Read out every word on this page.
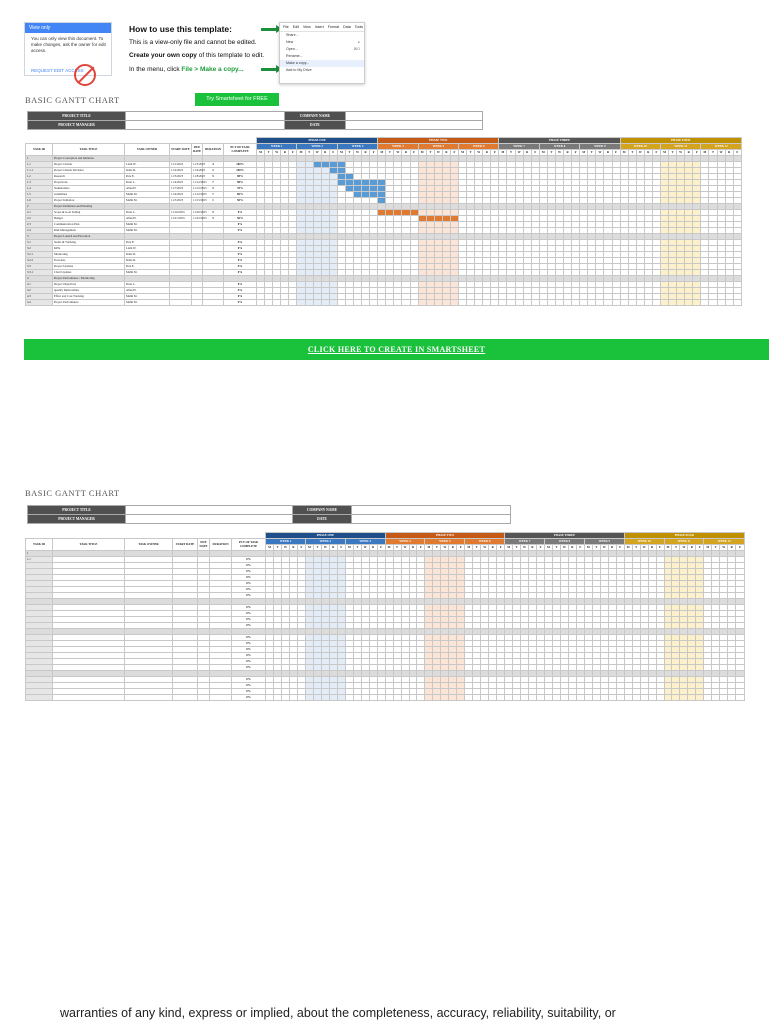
View only
You can only view this document. To make changes, ask the owner for edit access.
REQUEST EDIT ACCESS
How to use this template:
This is a view-only file and cannot be edited.
Create your own copy of this template to edit.
In the menu, click File > Make a copy...
File Edit View Insert Format Data Tools
Share...
New	▸
Open...	⌘O
Rename...
Make a copy...
Add to My Drive
BASIC GANTT CHART	Try Smartsheet for FREE
PROJECT TITLE		COMPANY NAME	
PROJECT MANAGER		DATE	
	PHASE ONE	PHASE TWO	PHASE THREE	PHASE FOUR
TASK ID	TASK TITLE	TASK OWNER	START DATE	DUE DATE	DURATION	PCT OF TASK COMPLETE	WEEK 1	WEEK 2	WEEK 3	WEEK 4	WEEK 5	WEEK 6	WEEK 7	WEEK 8	WEEK 9	WEEK 10	WEEK 11	WEEK 12
M	T	W	R	F	M	T	W	R	F	M	T	W	R	F	M	T	W	R	F	M	T	W	R	F	M	T	W	R	F	M	T	W	R	F	M	T	W	R	F	M	T	W	R	F	M	T	W	R	F	M	T	W	R	F	M	T	W	R	F
1	Project Conception and Initiation																																																																	
1.1	Project Charter	Liam W.	11/1/2023	11/5/2023	4	100%																																																												
1.1.1	Project Charter Revision	Kalie R.	11/2/2023	11/4/2023	2	100%																																																												
1.2	Research	Pete E.	11/3/2023	11/8/2023	5	98%																																																												
1.3	Projections	Peter L.	11/4/2023	11/12/2023	7	98%																																																												
1.4	Stakeholders	Allen H.	11/7/2023	11/12/2023	5	70%																																																												
1.5	Guidelines	Mahli M.	11/4/2023	11/12/2023	7	60%																																																												
1.6	Project Initiation	Mahli M.	11/5/2023	11/15/2023	1	50%																																																												
2	Project Definition and Planning																																																																	
2.1	Scope & Goal Setting	Peter L.	11/16/2023	11/20/2023	5	0%																																																												
2.2	Budget	Allen H.	11/21/2023	11/25/2023	5	50%																																																												
2.3	Communication Plan	Mahli M.				0%																																																												
2.4	Risk Management	Mahli M.				0%																																																												
3	Project Launch and Execution																																																																	
3.1	Status & Tracking	Pete E.				0%																																																												
3.2	KPIs	Liam W.				0%																																																												
3.2.1	Monitoring	Kalie R.				0%																																																												
3.2.2	Forecasts	Kalie R.				0%																																																												
3.3	Project Updates	Pete E.				0%																																																												
3.3.1	Chart Updates	Mahli M.				0%																																																												
4	Project Performance / Monitoring																																																																	
4.1	Project Objectives	Peter L.				0%																																																												
4.2	Quality Deliverables	Allen H.				0%																																																												
4.3	Effort and Cost Tracking	Mahli M.				0%																																																												
4.4	Project Performance	Mahli M.				0%																																																												
CLICK HERE TO CREATE IN SMARTSHEET
BASIC GANTT CHART
PROJECT TITLE		COMPANY NAME	
PROJECT MANAGER		DATE	
	PHASE ONE	PHASE TWO	PHASE THREE	PHASE FOUR
TASK ID	TASK TITLE	TASK OWNER	START DATE	DUE DATE	DURATION	PCT OF TASK COMPLETE	WEEK 1	WEEK 2	WEEK 3	WEEK 4	WEEK 5	WEEK 6	WEEK 7	WEEK 8	WEEK 9	WEEK 10	WEEK 11	WEEK 12
M	T	W	R	F	M	T	W	R	F	M	T	W	R	F	M	T	W	R	F	M	T	W	R	F	M	T	W	R	F	M	T	W	R	F	M	T	W	R	F	M	T	W	R	F	M	T	W	R	F	M	T	W	R	F	M	T	W	R	F
1																																																																		
1.1						0%																																																												
						0%																																																												
						0%																																																												
						0%																																																												
						0%																																																												
						0%																																																												
						0%																																																												

						0%																																																												
						0%																																																												
						0%																																																												
						0%																																																												

						0%																																																												
						0%																																																												
						0%																																																												
						0%																																																												
						0%																																																												
						0%																																																												

						0%																																																												
						0%																																																												
						0%																																																												
						0%																																																												
warranties of any kind, express or implied, about the completeness, accuracy, reliability, suitability, or
